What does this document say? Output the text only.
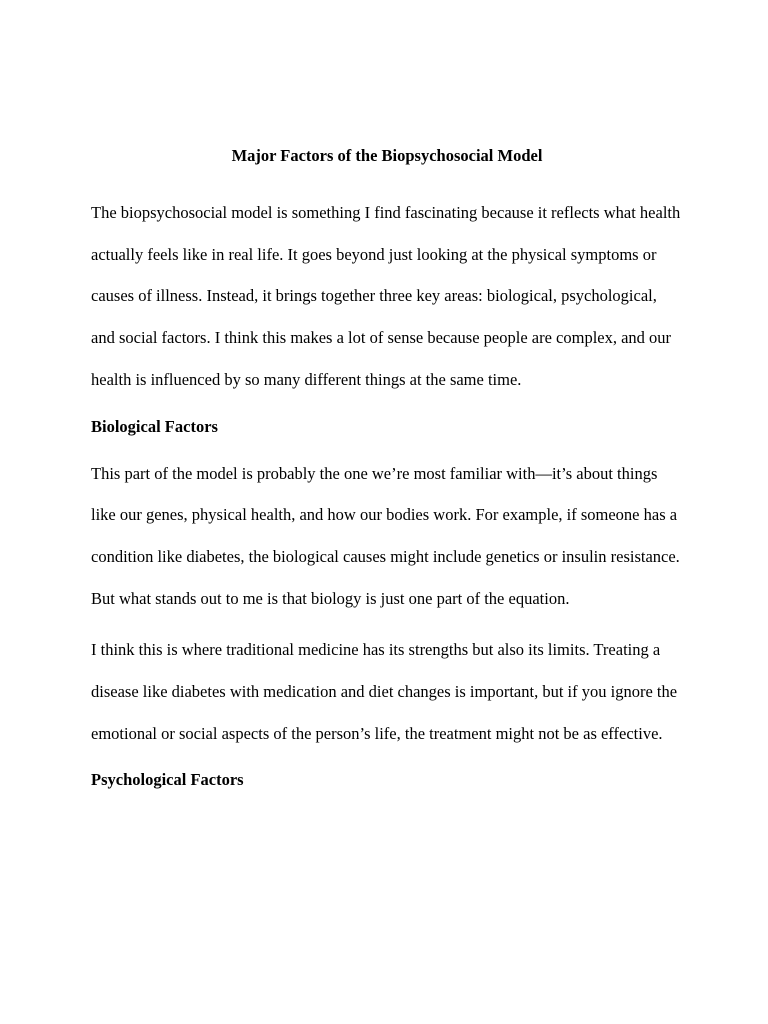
Major Factors of the Biopsychosocial Model

The biopsychosocial model is something I find fascinating because it reflects what health actually feels like in real life. It goes beyond just looking at the physical symptoms or causes of illness. Instead, it brings together three key areas: biological, psychological, and social factors. I think this makes a lot of sense because people are complex, and our health is influenced by so many different things at the same time.

Biological Factors

This part of the model is probably the one we’re most familiar with—it’s about things like our genes, physical health, and how our bodies work. For example, if someone has a condition like diabetes, the biological causes might include genetics or insulin resistance. But what stands out to me is that biology is just one part of the equation.

I think this is where traditional medicine has its strengths but also its limits. Treating a disease like diabetes with medication and diet changes is important, but if you ignore the emotional or social aspects of the person’s life, the treatment might not be as effective.

Psychological Factors
